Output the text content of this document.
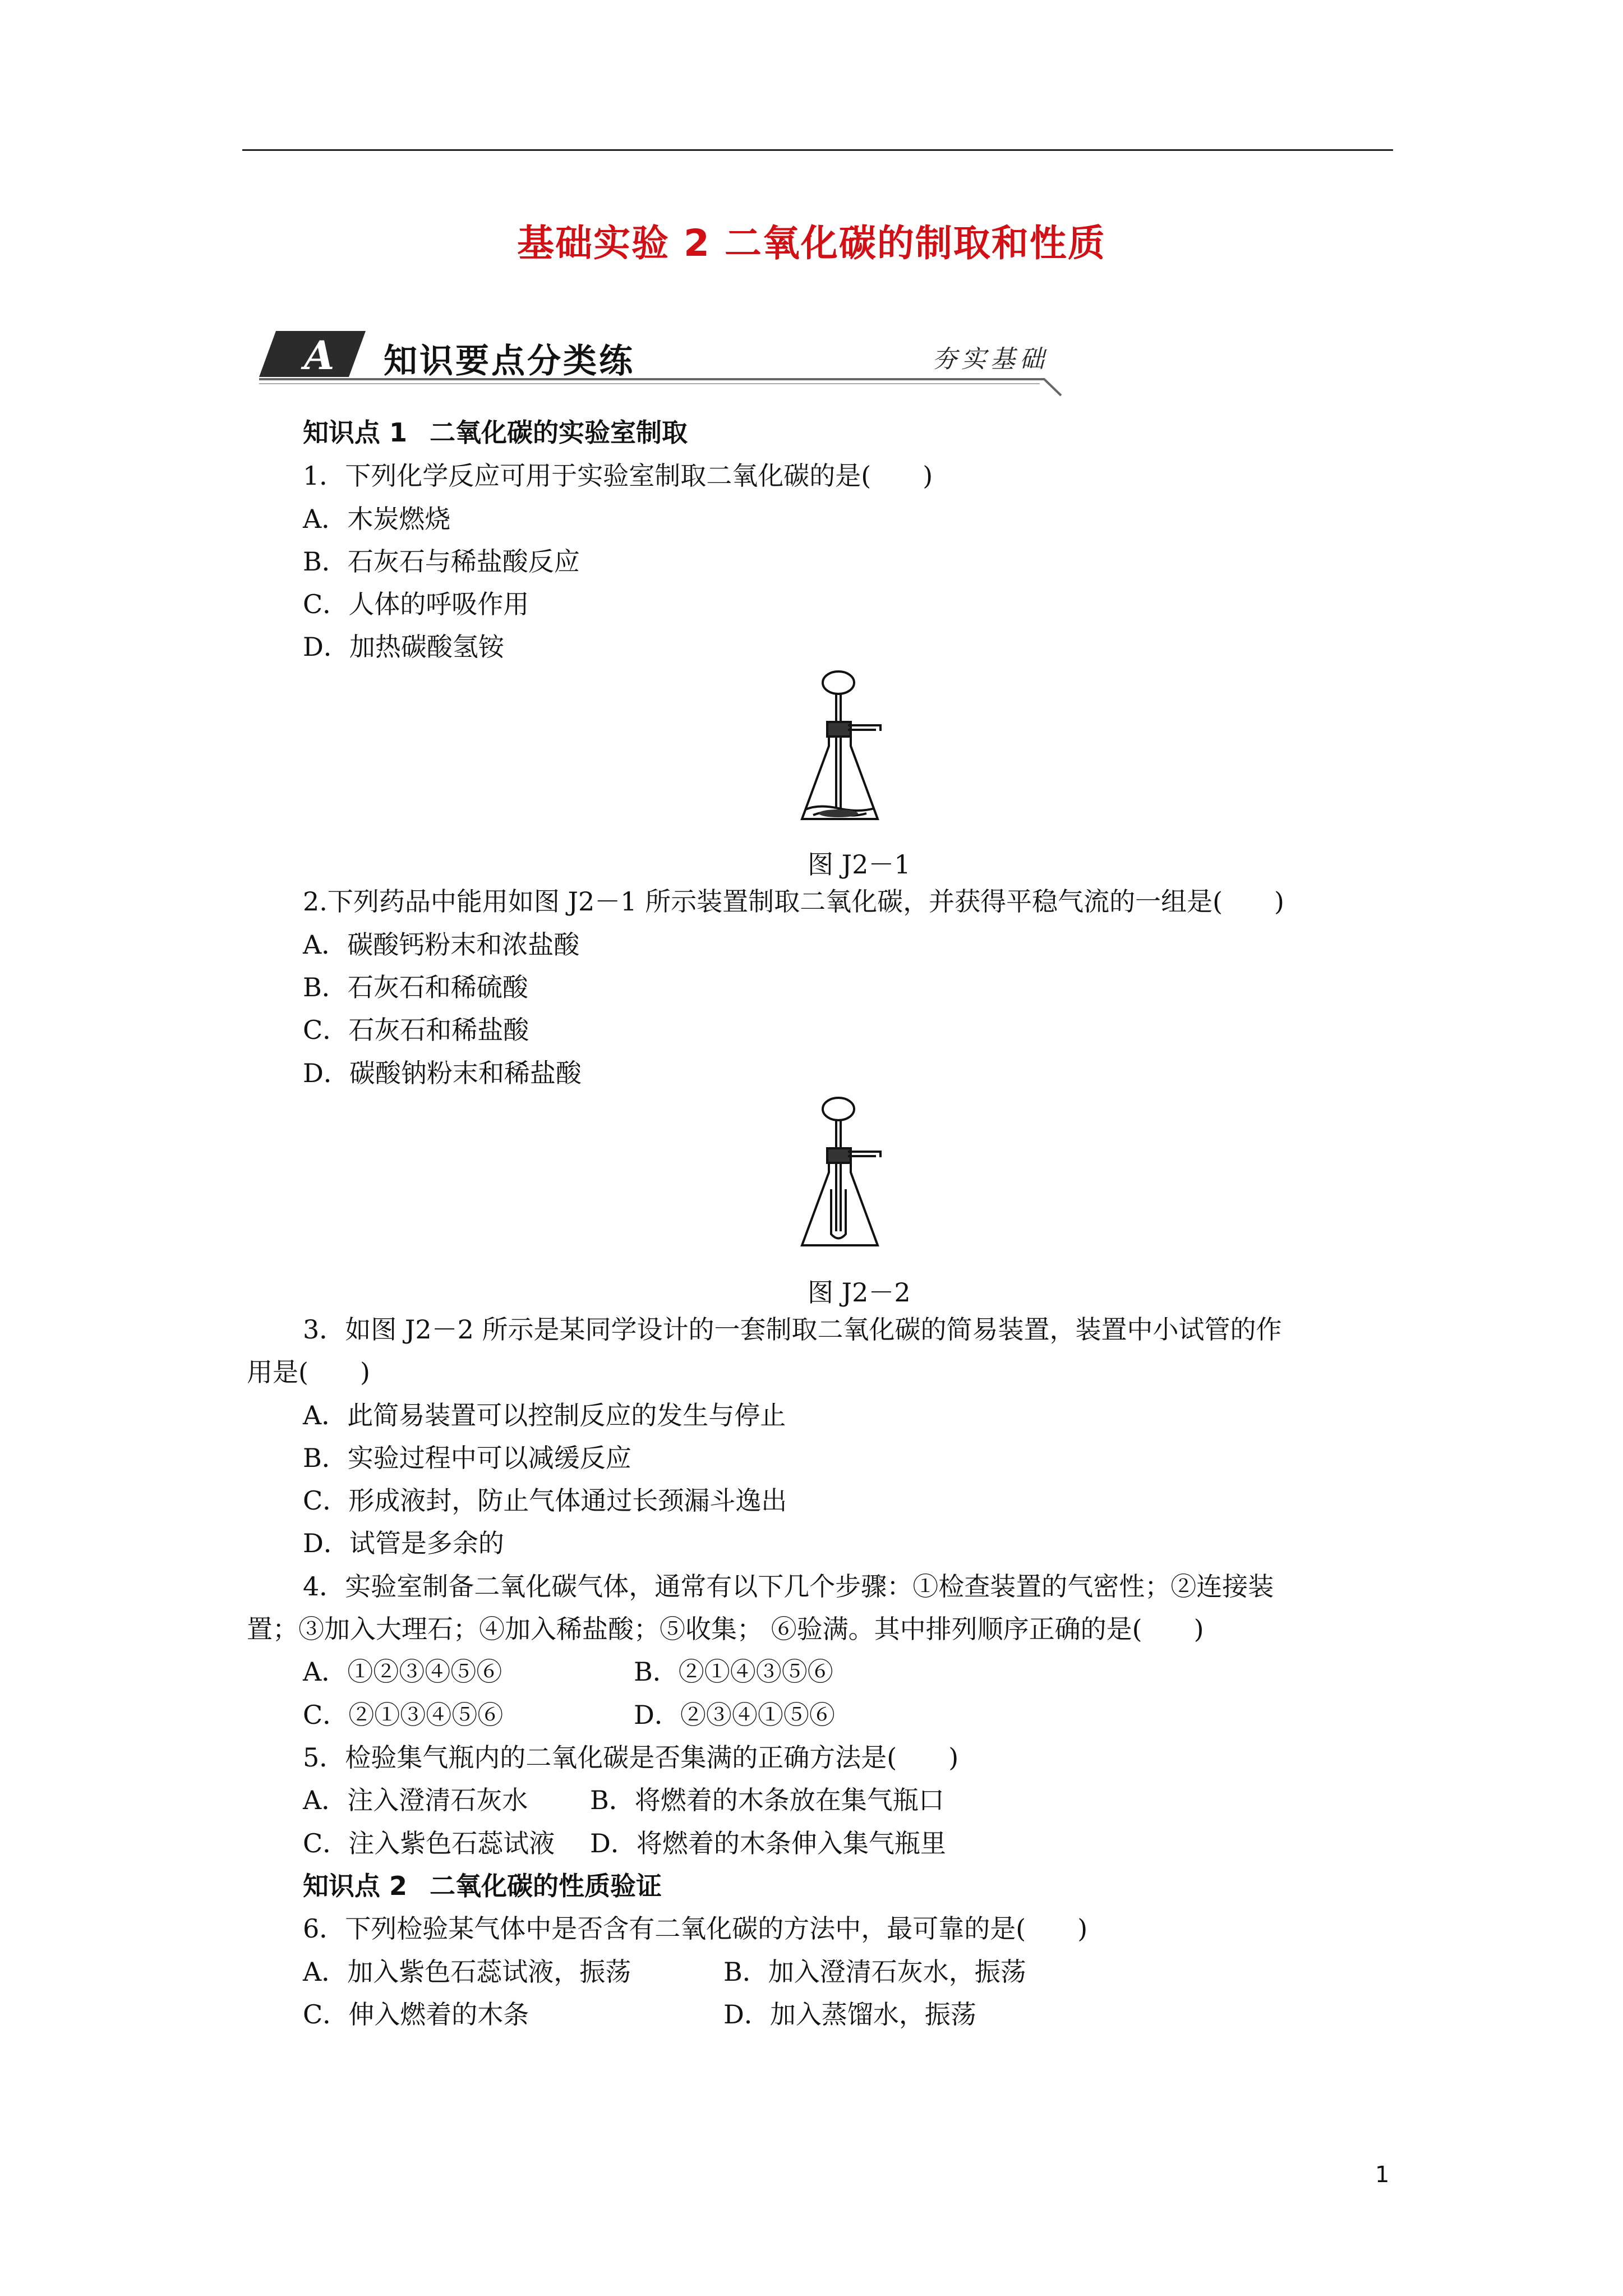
基础实验 2 二氧化碳的制取和性质
A 知识要点分类练	夯实基础
知识点 1 二氧化碳的实验室制取
1．下列化学反应可用于实验室制取二氧化碳的是(　　)
A．木炭燃烧
B．石灰石与稀盐酸反应
C．人体的呼吸作用
D．加热碳酸氢铵
图 J2－1
2.下列药品中能用如图 J2－1 所示装置制取二氧化碳，并获得平稳气流的一组是(　　)
A．碳酸钙粉末和浓盐酸
B．石灰石和稀硫酸
C．石灰石和稀盐酸
D．碳酸钠粉末和稀盐酸
图 J2－2
3．如图 J2－2 所示是某同学设计的一套制取二氧化碳的简易装置，装置中小试管的作
用是(　　)
A．此简易装置可以控制反应的发生与停止
B．实验过程中可以减缓反应
C．形成液封，防止气体通过长颈漏斗逸出
D．试管是多余的
4．实验室制备二氧化碳气体，通常有以下几个步骤：①检查装置的气密性；②连接装
置；③加入大理石；④加入稀盐酸；⑤收集； ⑥验满。其中排列顺序正确的是(　　)
A．①②③④⑤⑥	B．②①④③⑤⑥
C．②①③④⑤⑥	D．②③④①⑤⑥
5．检验集气瓶内的二氧化碳是否集满的正确方法是(　　)
A．注入澄清石灰水 B．将燃着的木条放在集气瓶口
C．注入紫色石蕊试液 D．将燃着的木条伸入集气瓶里
知识点 2 二氧化碳的性质验证
6．下列检验某气体中是否含有二氧化碳的方法中，最可靠的是(　　)
A．加入紫色石蕊试液，振荡	B．加入澄清石灰水，振荡
C．伸入燃着的木条	D．加入蒸馏水，振荡
1
